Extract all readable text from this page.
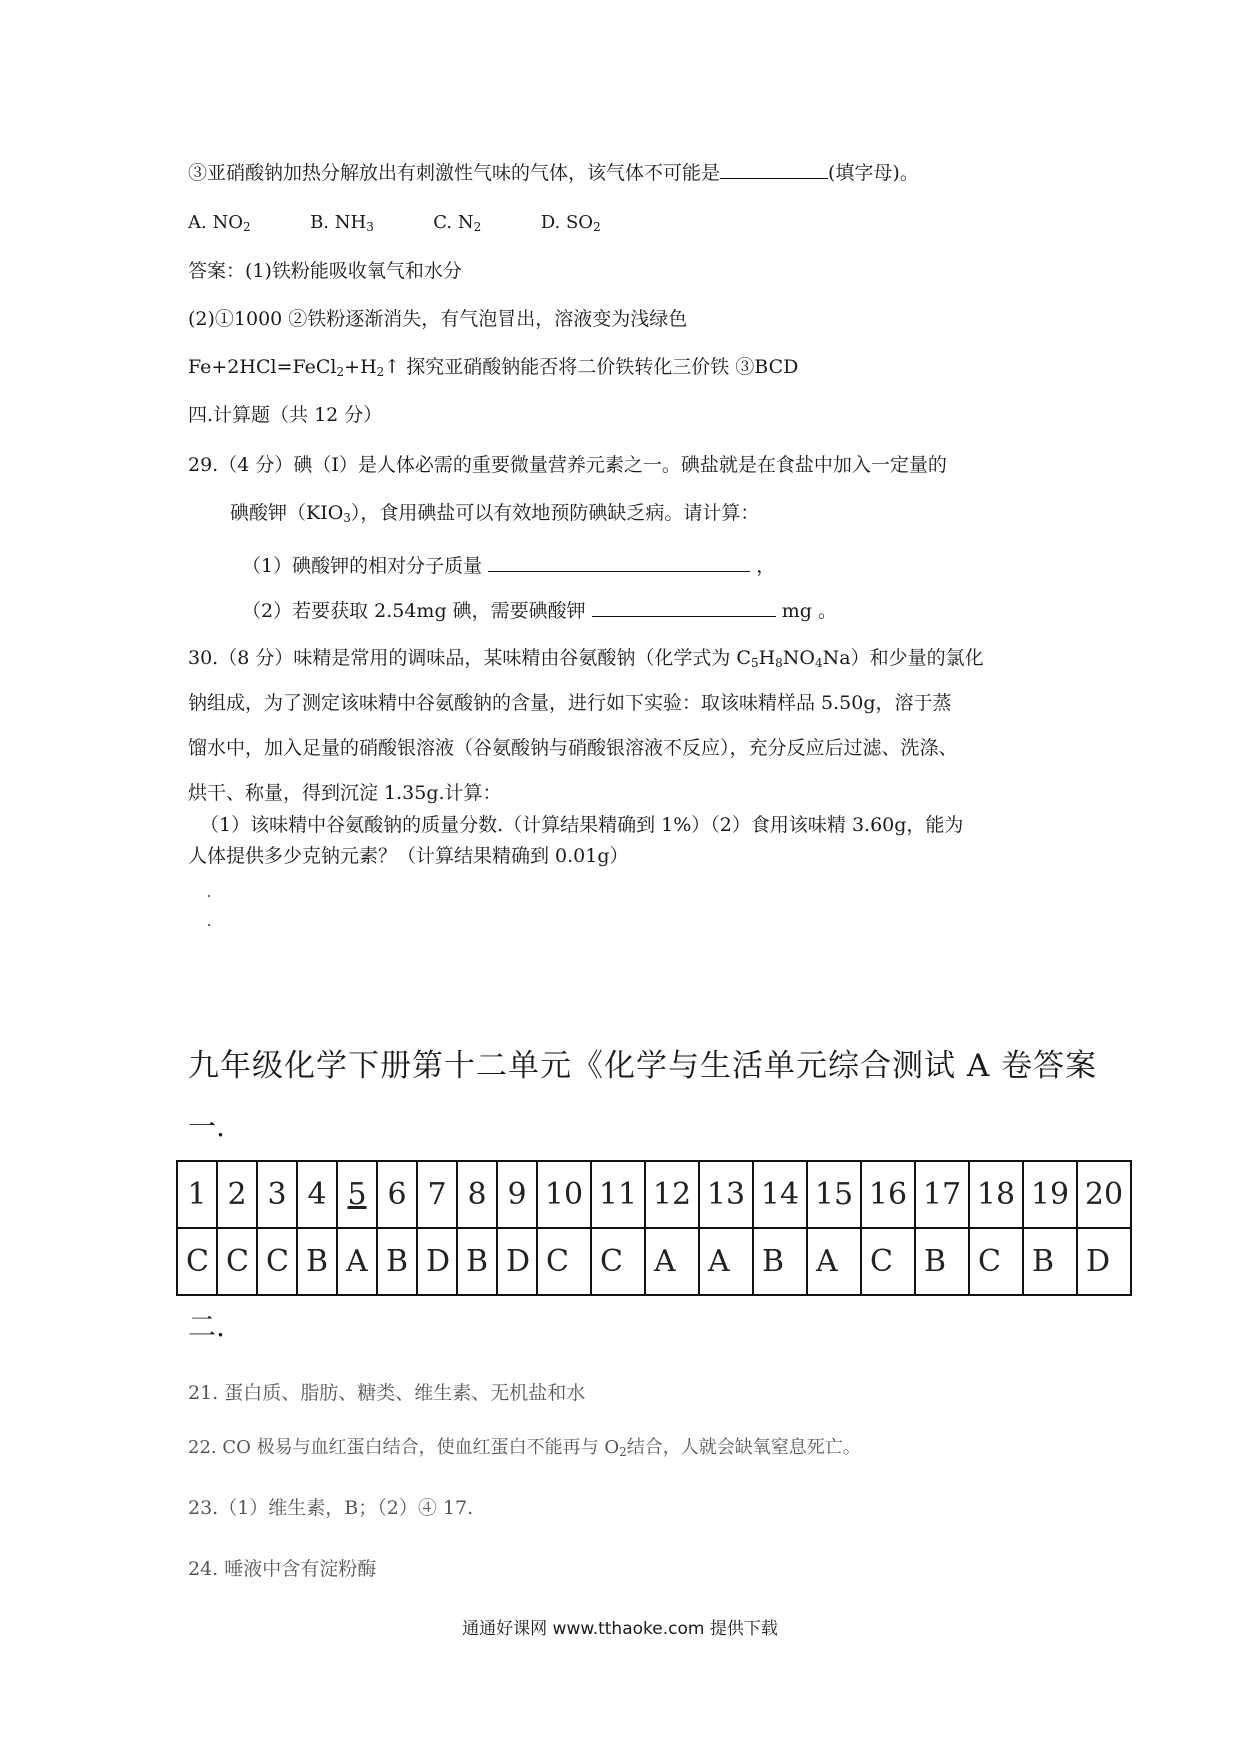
③亚硝酸钠加热分解放出有刺激性气味的气体，该气体不可能是	(填字母)。
A. $NO_2$	B. $NH_3$	C. $N_2$	D. $SO_2$
答案：(1)铁粉能吸收氧气和水分
(2)①1000 ②铁粉逐渐消失，有气泡冒出，溶液变为浅绿色
$Fe+2HCl=FeCl_2+H_2↑$ 探究亚硝酸钠能否将二价铁转化三价铁 ③BCD
四.计算题（共 12 分）
29.（4 分）碘（I）是人体必需的重要微量营养元素之一。碘盐就是在食盐中加入一定量的
碘酸钾$(KIO_3)$，食用碘盐可以有效地预防碘缺乏病。请计算：
（1）碘酸钾的相对分子质量	，
（2）若要获取 2.54mg 碘，需要碘酸钾	mg 。
30.（8 分）味精是常用的调味品，某味精由谷氨酸钠（化学式为 $C_5H_8NO_4Na$）和少量的氯化
钠组成，为了测定该味精中谷氨酸钠的含量，进行如下实验：取该味精样品 5.50g，溶于蒸
馏水中，加入足量的硝酸银溶液（谷氨酸钠与硝酸银溶液不反应），充分反应后过滤、洗涤、
烘干、称量，得到沉淀 1.35g.计算：
（1）该味精中谷氨酸钠的质量分数.（计算结果精确到 1%）（2）食用该味精 3.60g，能为
人体提供多少克钠元素？（计算结果精确到 0.01g）
九年级化学下册第十二单元《化学与生活单元综合测试 A 卷答案
一.
1	2	3	4	5	6	7	8	9	10	11	12	13	14	15	16	17	18	19	20
C	C	C	B	A	B	D	B	D	C	C	A	A	B	A	C	B	C	B	D
二.
21. 蛋白质、脂肪、糖类、维生素、无机盐和水
22. CO 极易与血红蛋白结合，使血红蛋白不能再与 $O_2$结合，人就会缺氧窒息死亡。
23.（1）维生素，B；（2）④ 17.
24. 唾液中含有淀粉酶
通通好课网 www.tthaoke.com 提供下载
